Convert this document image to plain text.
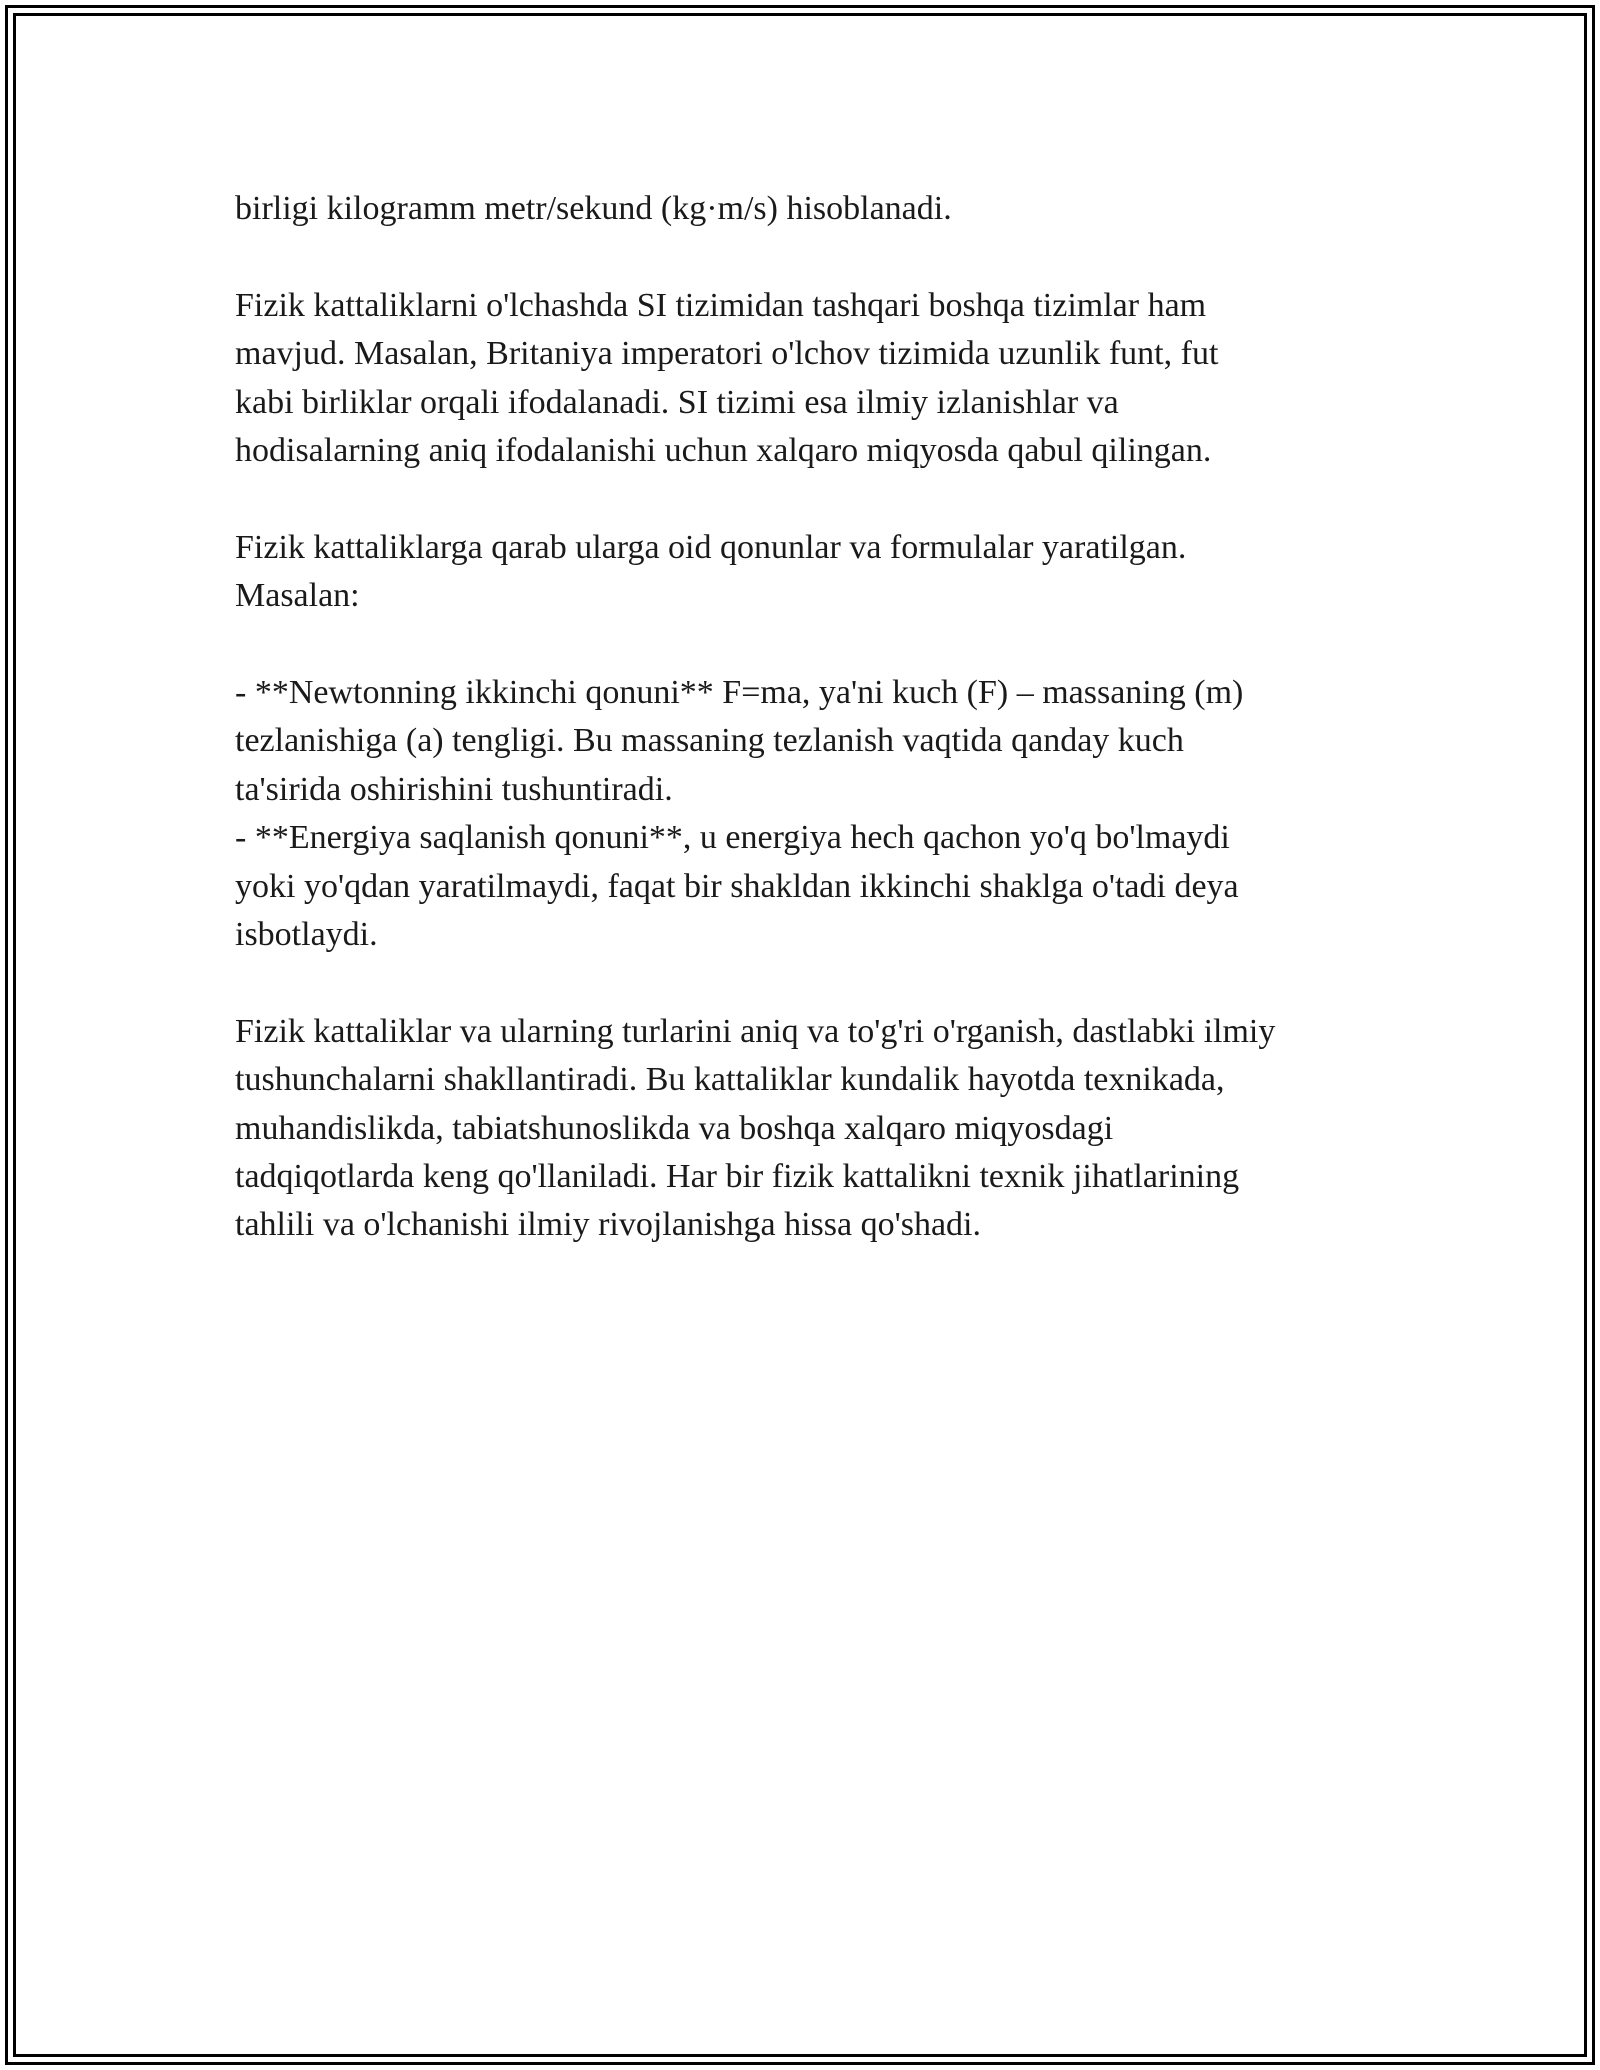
birligi kilogramm metr/sekund (kg·m/s) hisoblanadi.

Fizik kattaliklarni o'lchashda SI tizimidan tashqari boshqa tizimlar ham
mavjud. Masalan, Britaniya imperatori o'lchov tizimida uzunlik funt, fut
kabi birliklar orqali ifodalanadi. SI tizimi esa ilmiy izlanishlar va
hodisalarning aniq ifodalanishi uchun xalqaro miqyosda qabul qilingan.

Fizik kattaliklarga qarab ularga oid qonunlar va formulalar yaratilgan.
Masalan:

- **Newtonning ikkinchi qonuni** F=ma, ya'ni kuch (F) – massaning (m)
tezlanishiga (a) tengligi. Bu massaning tezlanish vaqtida qanday kuch
ta'sirida oshirishini tushuntiradi.

- **Energiya saqlanish qonuni**, u energiya hech qachon yo'q bo'lmaydi
yoki yo'qdan yaratilmaydi, faqat bir shakldan ikkinchi shaklga o'tadi deya
isbotlaydi.

Fizik kattaliklar va ularning turlarini aniq va to'g'ri o'rganish, dastlabki ilmiy
tushunchalarni shakllantiradi. Bu kattaliklar kundalik hayotda texnikada,
muhandislikda, tabiatshunoslikda va boshqa xalqaro miqyosdagi
tadqiqotlarda keng qo'llaniladi. Har bir fizik kattalikni texnik jihatlarining
tahlili va o'lchanishi ilmiy rivojlanishga hissa qo'shadi.
